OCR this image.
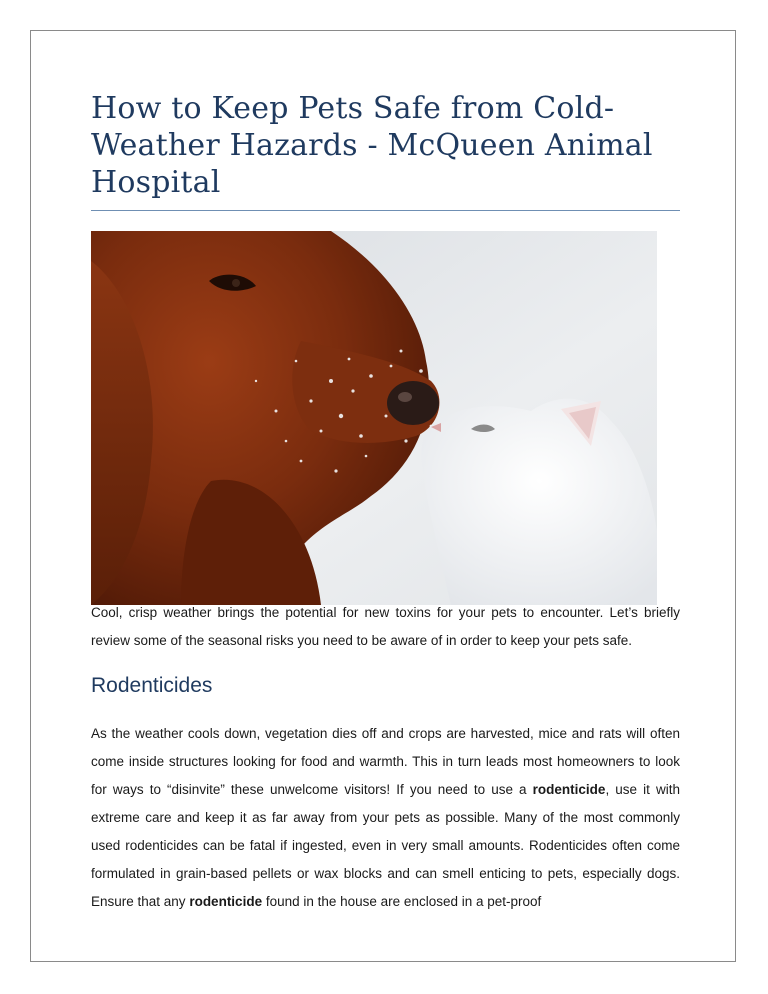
How to Keep Pets Safe from Cold-Weather Hazards - McQueen Animal Hospital

Cool, crisp weather brings the potential for new toxins for your pets to encounter. Let’s briefly review some of the seasonal risks you need to be aware of in order to keep your pets safe.

Rodenticides

As the weather cools down, vegetation dies off and crops are harvested, mice and rats will often come inside structures looking for food and warmth. This in turn leads most homeowners to look for ways to “disinvite” these unwelcome visitors! If you need to use a rodenticide, use it with extreme care and keep it as far away from your pets as possible. Many of the most commonly used rodenticides can be fatal if ingested, even in very small amounts. Rodenticides often come formulated in grain-based pellets or wax blocks and can smell enticing to pets, especially dogs. Ensure that any rodenticide found in the house are enclosed in a pet-proof
